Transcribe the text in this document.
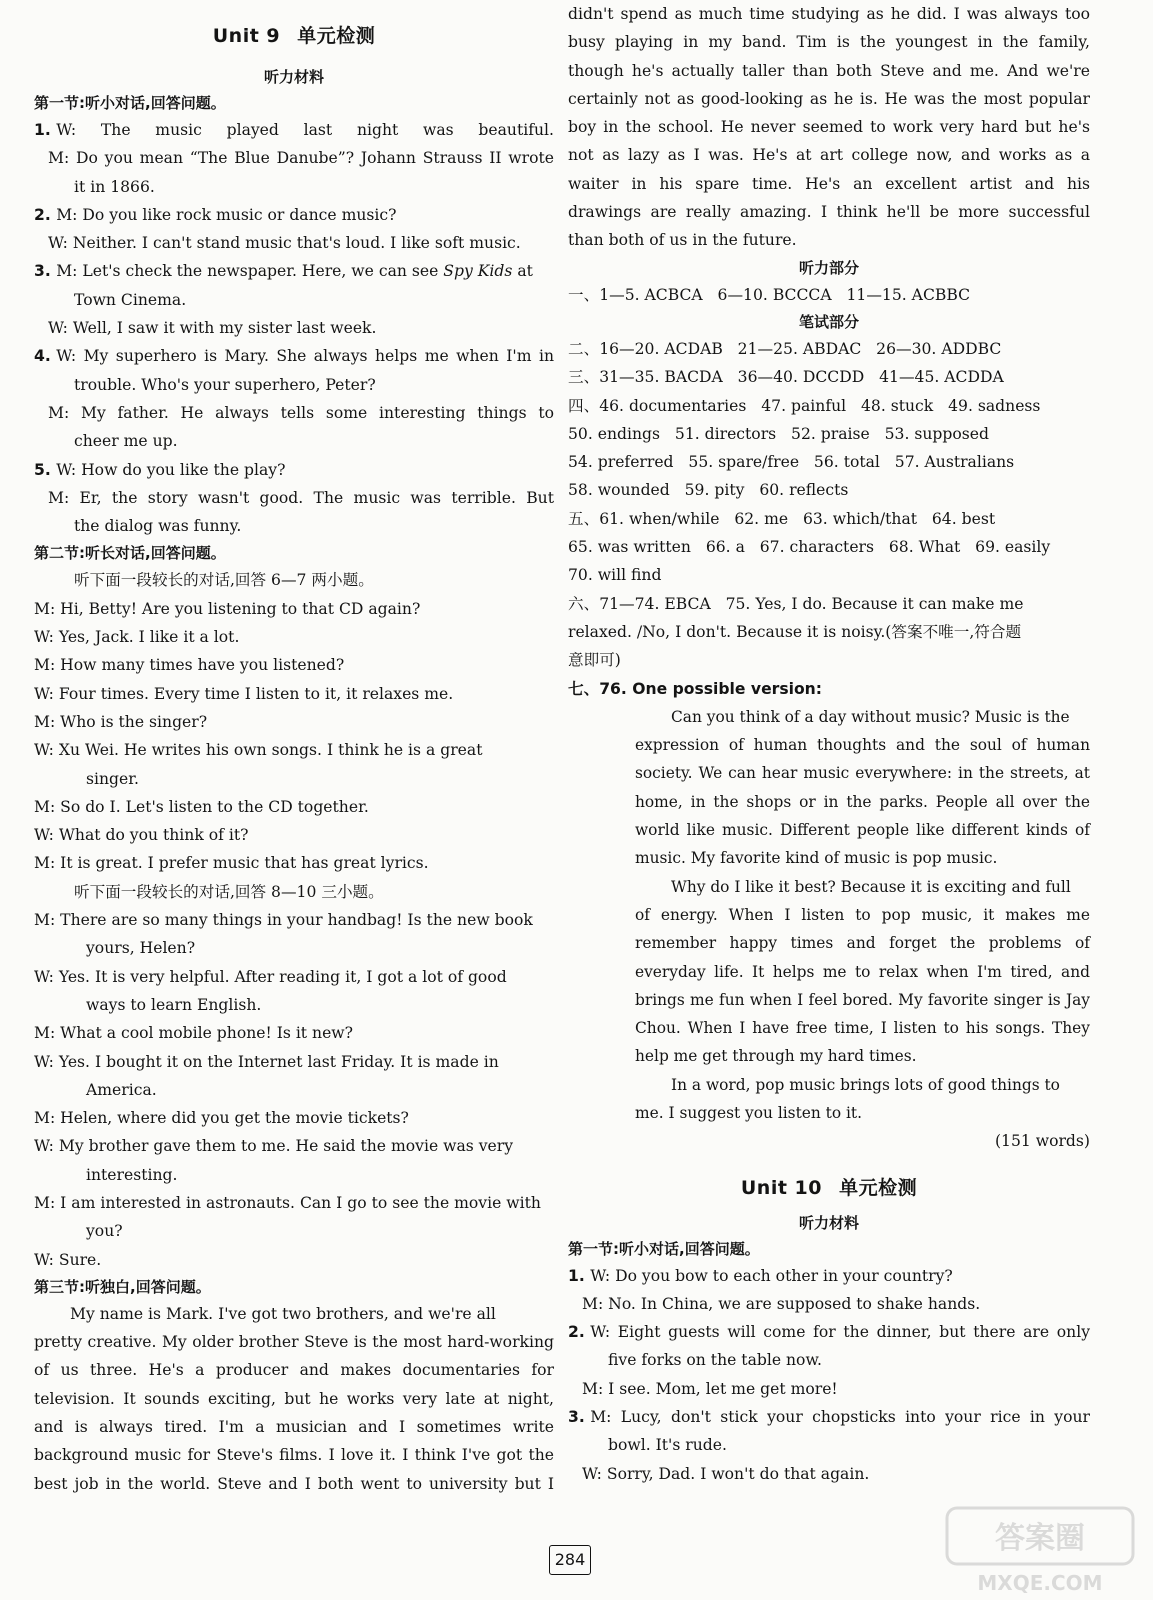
Unit 9 单元检测
听力材料
第一节:听小对话,回答问题。
1. W: The music played last night was beautiful.
M: Do you mean “The Blue Danube”? Johann Strauss II wrote
it in 1866.
2. M: Do you like rock music or dance music?
W: Neither. I can't stand music that's loud. I like soft music.
3. M: Let's check the newspaper. Here, we can see Spy Kids at
Town Cinema.
W: Well, I saw it with my sister last week.
4. W: My superhero is Mary. She always helps me when I'm in
trouble. Who's your superhero, Peter?
M: My father. He always tells some interesting things to
cheer me up.
5. W: How do you like the play?
M: Er, the story wasn't good. The music was terrible. But
the dialog was funny.
第二节:听长对话,回答问题。
听下面一段较长的对话,回答 6—7 两小题。
M: Hi, Betty! Are you listening to that CD again?
W: Yes, Jack. I like it a lot.
M: How many times have you listened?
W: Four times. Every time I listen to it, it relaxes me.
M: Who is the singer?
W: Xu Wei. He writes his own songs. I think he is a great
singer.
M: So do I. Let's listen to the CD together.
W: What do you think of it?
M: It is great. I prefer music that has great lyrics.
听下面一段较长的对话,回答 8—10 三小题。
M: There are so many things in your handbag! Is the new book
yours, Helen?
W: Yes. It is very helpful. After reading it, I got a lot of good
ways to learn English.
M: What a cool mobile phone! Is it new?
W: Yes. I bought it on the Internet last Friday. It is made in
America.
M: Helen, where did you get the movie tickets?
W: My brother gave them to me. He said the movie was very
interesting.
M: I am interested in astronauts. Can I go to see the movie with
you?
W: Sure.
第三节:听独白,回答问题。
My name is Mark. I've got two brothers, and we're all
pretty creative. My older brother Steve is the most hard-working
of us three. He's a producer and makes documentaries for
television. It sounds exciting, but he works very late at night,
and is always tired. I'm a musician and I sometimes write
background music for Steve's films. I love it. I think I've got the
best job in the world. Steve and I both went to university but I
didn't spend as much time studying as he did. I was always too
busy playing in my band. Tim is the youngest in the family,
though he's actually taller than both Steve and me. And we're
certainly not as good-looking as he is. He was the most popular
boy in the school. He never seemed to work very hard but he's
not as lazy as I was. He's at art college now, and works as a
waiter in his spare time. He's an excellent artist and his
drawings are really amazing. I think he'll be more successful
than both of us in the future.
听力部分
一、1—5. ACBCA   6—10. BCCCA   11—15. ACBBC
笔试部分
二、16—20. ACDAB   21—25. ABDAC   26—30. ADDBC
三、31—35. BACDA   36—40. DCCDD   41—45. ACDDA
四、46. documentaries   47. painful   48. stuck   49. sadness
50. endings   51. directors   52. praise   53. supposed
54. preferred   55. spare/free   56. total   57. Australians
58. wounded   59. pity   60. reflects
五、61. when/while   62. me   63. which/that   64. best
65. was written   66. a   67. characters   68. What   69. easily
70. will find
六、71—74. EBCA   75. Yes, I do. Because it can make me
relaxed. /No, I don't. Because it is noisy.(答案不唯一,符合题
意即可)
七、76. One possible version:
Can you think of a day without music? Music is the
expression of human thoughts and the soul of human
society. We can hear music everywhere: in the streets, at
home, in the shops or in the parks. People all over the
world like music. Different people like different kinds of
music. My favorite kind of music is pop music.
Why do I like it best? Because it is exciting and full
of energy. When I listen to pop music, it makes me
remember happy times and forget the problems of
everyday life. It helps me to relax when I'm tired, and
brings me fun when I feel bored. My favorite singer is Jay
Chou. When I have free time, I listen to his songs. They
help me get through my hard times.
In a word, pop music brings lots of good things to
me. I suggest you listen to it.
(151 words)
Unit 10 单元检测
听力材料
第一节:听小对话,回答问题。
1. W: Do you bow to each other in your country?
M: No. In China, we are supposed to shake hands.
2. W: Eight guests will come for the dinner, but there are only
five forks on the table now.
M: I see. Mom, let me get more!
3. M: Lucy, don't stick your chopsticks into your rice in your
bowl. It's rude.
W: Sorry, Dad. I won't do that again.
284
答案圈
MXQE.COM
